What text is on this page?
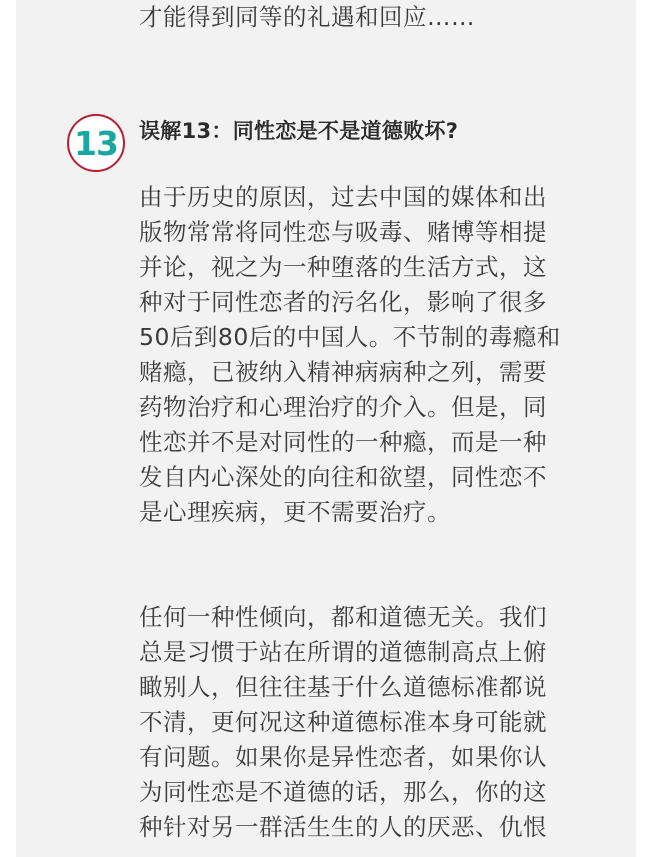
才能得到同等的礼遇和回应……
13 误解13：同性恋是不是道德败坏?
由于历史的原因，过去中国的媒体和出
版物常常将同性恋与吸毒、赌博等相提
并论，视之为一种堕落的生活方式，这
种对于同性恋者的污名化，影响了很多
50后到80后的中国人。不节制的毒瘾和
赌瘾，已被纳入精神病病种之列，需要
药物治疗和心理治疗的介入。但是，同
性恋并不是对同性的一种瘾，而是一种
发自内心深处的向往和欲望，同性恋不
是心理疾病，更不需要治疗。
任何一种性倾向，都和道德无关。我们
总是习惯于站在所谓的道德制高点上俯
瞰别人，但往往基于什么道德标准都说
不清，更何况这种道德标准本身可能就
有问题。如果你是异性恋者，如果你认
为同性恋是不道德的话，那么，你的这
种针对另一群活生生的人的厌恶、仇恨
